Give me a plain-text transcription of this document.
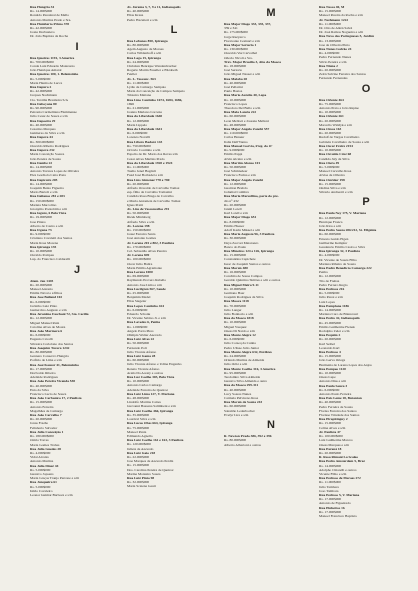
Rua Hungria 34
Rs. 14.000$000
Ronaldo Peresinal de Mello
Antonio Martins Prado e Sra.
Rua Humberto Primo 378
Rs. 42.000$000
Joana Dorbusiero
Dr. João Baptista da Rocha
I
Rua Ipueiras 1191, 3 America
Rs. 700.000$000
Conde Luiz Eduardo Matarazzo
João Henrique Amaral
Rua Ipueiras 100, 1. Belemsinho
Rs. 5.000$000
Maria Hanita de Lucca
Rua Itapura 2
Rs. 42.000$000
Jacques Nachmann
Cia. Textilia Brasileira S/A
Rua Itaboyana 80
Rs. 90.000$000
Petronia Carmelitana Fluminense
Julio Cesar de Souza e s/m
Rua Itapoeira 29
Rs. 40.000$000
Cesarino Marques
Guimerso da Silva e s/m
Rua Itapeva 44
Rs. 300.000$000
Oswaldo Ribeiro Rodrigues
Rua Itapeva 232
Maria Conceição Soeres
João Pereira de Souza
Rua Itambe 22
Rs. 14.000$000
Antonio Tavares Lopes de Oliveira
Elza Gordiola Catta Preta
Rua Itapicuru 205
Rs. 14.000$000
Joaquim Bento Figueira
Mario Bartoli e s/m
Rua Italianos 281 e 283
Rs. 150.000$000
Marieta Marcolino
Jeronymo Pozzobim e s/m
Rua Iegure, 6 Bela Vista
Rs. 19.000$000
Jose Pintos
Alberto de Castro e s/m
Rua Irgana 73
Rs. 9.000$000
Cristiano Cavaletti dos Santos
Maria Rosa Morena
Rua Ipiranga 135
Rs. 10.000$000
Osvaldo Pompeu
Lup. do Francisco Caldarelli
J
Alam. Jau 1445
Rs. 20.000$000
Manoel Antonio
Emilia Naval e s/filhos
Rua Jose Bolland 102
Rs. 6.000$000
Jacintho Luiz Pinto
Gumercino Augusto e s/m
Rua Jeronimo Faschoni 72, Sta. Cecilia
Rs. 12.000$000
Miguel Manuel Ruiz
Carolina Alves de Moura
Rua João Marmora 6
Rs. 6.000$000
Eugenio Cavalli
Silvestre Coriolano dos Santos
Rua Joaquim Tavora 1242
Rs. 80.000$000
Gennaro Conservo Hungria
Porfirio de Lima e s/m
Rua José Kaucer 41, Belemsinho
Rs. 17.000$000
Dorivaldo Ribeiro
Adelaide Rodrigues
Rua João Pereira Vicenda 538
Rs. 40.000$000
Enio da Silva
Francisco Lucio de Souza
Rua João Carbonico 17, 2 Paulista
Rs. 15.000$000
Antonio Ferreira
Magalhães de Camargo
Rua João Carvalho 7
Rs. 20.000$000
Jonas Frazão
Felisberto Salvador
Rua Julio Conceição 1
Rs. 180.000$000
Ozirio Torres
Maria Gomes Trabas
Rua Julio Guedes 28
Rs. 4.000$000
Vidal Alcaizs
Antonio Martins
Rua Julio Dinar 44
Rs. 5.000$000
Gustavo Jopsens
Maria Graças Tranjo Perrone e s/m
Rua Junqueira 61
Rs. 5.000$000
Isildo Cavaleiro
Leonor Guimar Barboza e s/m
Av. Jurema 3, 7, 9 e 11, Indianopolis
Rs. 40.000$000
Elias Kraus
Pedro Hacutteri e s/m
L
Rua Lebanos 850, Ipiranga
Rs. 80.000$000
Agem Augusto de Moraes
Carlos Wildenhoff e s/m
Rua Lago 15, Ipiranga
Rs. 24.000$000
Christian Henrique Wendenbrucher
Rogerio Martin Feueller e Elizabeth
Feuller
Av. L. Vasconc. 563
Rs. 11.000$000
Lydio de Camargo Sampaio
Maria da Conceição de Campos Sampaio
Tristeira Mattana
Rua Lino Coutinho 1674, 1684, 1686,
1696
Rs. 21.000$000
Joanna Mariano Corcena
Rua da Liberdade 1640
Rs. 12.000$000
Maria Lippelo
Rua da Liberdade 1641
Rs. 6.000$000
Lorenzo Novelli
Rua Libero Badaró 143
Rs. 750.000$000
Octavio Coutinho e s/m
Espolio de Dr. Mario dos Reves s/m
Cesar Alves Martins Prado
Rua da Liberdade 1920 e 1924
Rs. 11.000$000
Tuelio Jenel Bagdali
Fuad José Borbadel e s/m
Rua Lins Gimenez 778 e 780
Rs. 20.000$000
Alfredo Oswaldo de Carvalho Tomaz
esp. filho de Carvalho Tomazini
Candida Rosa Braga de Carvalho
e Maria Antonieta de Carvalho Tomaz
Ignes Pratti
Av. Lins de Vasconcellos 291
Rs. 50.000$000
Rizek Minlaberg
Alfredo Silva e s/m
Av. Lorena 198
Rs. 150.000$000
Josué Ferreira Santa
José Antonio Gomes
Al. Lorena 201 e 802, 3 Paulista
Rs. 170.000$000
Cel. Sebastião Alves Pereira
Al. Lorena 849
Rs. 100.000$000
Oscar Julio Baltra
Maria Emilia Agramonte
Rua Lorena 1000
Rs. 69.000$000
Raymundo Provero Rabello
Antonio Jose Lima e s/m
Rua Lucilgren 567, Saude
Rs. 25.000$000
Benjamin Medel
Elias Siegeler
Rua Lopes Coutinho 424
Rs. 6.000$000
Eduardo Schonk
Dr. Vicente Sabino Jr. e s/m
Rua Lavedes 6, Penha
Rs. 1.000$000
Angelo Parra Pires
Olimpia Walter Azevedo
Rua Luiz Alves 22
Rs. 50.000$000
Fernando Poli
Julio Vicente Afonso
Rua Luiz Gama 28
Rs. 60.000$000
Julio Vicente Afonso e Udine Engenho
Renato Vicente Afonso
Aratis Da Acesty e outros
Rua Luz Coelho 303, Bela Vista
Rs. 10.000$000
Antonio Carlos Camargo
Adelaide Ferreira de Queiroz
Rua Luiz Lima 127, V. Mariana
Rs. 48.000$000
Lindolfo Martins Caires
Giovanni Bassana Salimbeni e s/m
Rua Luiz Coelho 466, Ipiranga
Rs. 35.000$000
Lourival Silva e s/m
Rua Lucas Obes 664, Ipiranga
Rs. 75.000$000
Manoel Panta
Edmundo Agnello
Rua Luiz Coelho 161 e 163, 3 Paulista
Rs. 120.000$000
Julieta de Azevedo
Rua Luiz Gaio 218
Rs. 22.000$000
Jose Marques de Azevedo Perdiz
Rs. 15.000$000
Dos. Carolina Pereira de Queiroz
Marina Monteiro Souza
Rua Luiz Pinto 98
Rs. 32.000$000
Maria Scatena Gauti
M
Rua Major Diogo 333, 335, 337,
339 e 341
Rs. 175.000$000
Jorge Rezyerco
Fioravante Cesinarl e s/m
Rua Major Sertorio 1
Rs. 130.000$000
Oswaldo Vaz Carvalhal
Odecio Nicoli e Sra.
Trav. Major Brasilio 3, Alto da Mooca
Rs. 18.000$000
José Sertorio
João Miguel Nasser e s/m
Rua Malaba 28
Rs. 40.000$000
José Pellarini
Paulo Bastos
Rua Mario Aurelio 40, Lapa
Rs. 10.000$000
Francisco Lopes
Theodoro Del Bello e s/m
Rua Mala Lancia 222
Rs. 60.000$000
Leon Mellozi e Jossana Melloni
Rs. 48.000$000
Rua Major Angelo Zanchi 557
Rs. 110.000$000
Carlos Heneur
Italia Dell'Vanno
Rua Manoel Gorvia, Freg. do O'
Rs. 9.000$000
Emilio Pappi
Alvin Alcaire e s/m
Rua Martim Afonso 101
Rs. 50.000$000
José Schmiedeer
Francisco Farina e s/m
Rua Major Angelo Zanchi
Rs. 12.000$000
Guaitton Brubdo
Jodamai Coimbra
Rua Maria Marcellino, parte do pre-
dio n° 432
Rs. 20.000$000
Jannil Lotell
Karl Lotell e s/m
Rua Major Diogo 651
Rs. 8.000$000
Emilio Haaser
Adolf Karin Mikael e s/m
Rua Maria Augusta 96, 3 Paulista
Rs. 30.000$000
Daya Zaccari Matarazzo
Banco do Paulo
Rua Mineiros 124 e 126, Ipiranga
Rs. 15.000$000
Constantina Capichete
Isaac de Joaquim Santos e outros
Rua Morais 480
Rs. 16.000$000
Conchita de Sousa Campos
Geraldo Quintino Simões e s/m e outros
Rua Miguel Meira 9-11
Rs. 10.000$000
Germano Baer
Joaquim Rodrigues da Silva
Rua Mooca 1118
Rs. 70.000$000
Julio Langer
Julio Bonhorio e s/m
Rua da Mooca 1818
Rs. 10.000$000
Miguel Vasquez
Ozeas Di Nardo e s/m
Rua Monte Alegre 12
Rs. 6.000$000
Julio Corseq da Cunha
Pedro Ulisse Julio Junior
Rua Monte Alegre 632, Perdizes
Rs. 24.000$000
Orlando Martins de Almeida
Julio Ortiz e s/m
Rua Monte Coelho 316, 3 America
Rs. 95.000$000
Teodomiro Silva Almeida
Gustavo Silva Almeida e outro
Rua da Mooca 299-311
Rs. 40.000$000
Lucy Soares Nunes
Carmela Pulvireno Rosa
Rua Morais de Souza 243
Rs. 60.000$000
Salomão Lederbocher
Evelyr Lira e s/m
N
R. Newton Prado 386, 392 e 396
Rs. 80.000$000
Alberto Albertoni e outros
Rua Nossa 40, M
Rs. 15.000$000
Manoel Pereira da Rocha e s/m
Al. Nothmann 1222
Rs. 11.000$000
Dr. Otto de Alkrn Sabol
Dr. José Ramos Nogueira e s/m
Rua Novo dos Portugueses 5, Jardim
Rs. 13.000$000
Jose de Oliveira Pinto
Rua Nunes Galvão 24
Rs. 4.000$000
Pedro Fernando Nunes
Silvio Pereira e s/m
Rua Niuna 2
Rs. 20.000$000
Zeirn Salvine Ferreira dos Santos
Fernando Fernandes
O
Rua Oriente 464
Rs. 75.000$000
Antonio Prato e João Repise
Rs. 10.000$000
Rua Oriente 261
Rs. 20.000$000
Marcello Widdyk e s/m
Rua Orosa 163
Rs. 20.000$000
Rudolf de Vargas Cavalheiro
Gabriela Cavalheiro de Souza e s/m
Rua Oscar Freire 2154
Rs. 10.000$000
Rua Osvaldo Cruz 68
Candida Jaly da Silva
Rua Otero 49
Rs. 5.000$000
Manoel Carvalho Rosa
Alvise de Oliveira
Rua Ouvidor 198
Rs. 15.000$000
Ondina Silva e s/m
Silverio Andreotti e s/m
P
Rua Paula Ney 175, V. Mariana
Rs. 12.000$000
Henrique Franca
João Rios e s/m
Rua Pedro Souza 206/212, St. Efigênia
Rs. 60.000$000
Ernesto Guido Elgen
Guilherme Kempfer
Gaudencio Emilio Castro e Silva
Rua Ipiranga 32, 3 Paulista
Rs. 4.000$000
Dr. Vicente de Souza Filho
Mariana Ribeiro de Souza
Rua Padre Benedicto Camargo 222
Penha
Rs. 12.000$000
Tito de Freitas
Pedro Ferrero Regio
Rua Pedrosa 216
Rs. 5.000$000
Julio Perez e s/m
Luiz Lopes
Rua Pamplona 1186
Rs. 14.000$000
Mariana Caro de Bitencourt
Rua Pedro 42, Indianopolis
Rs. 45.000$000
Emilio Guilherme Fienak
Rodolpho Zeler e s/m
Rua Pequim 2
Rs. 20.000$000
Karl Seibel
Leonardo Karl
Rua Pedroso 4
Rs. 15.000$000
João Gerva Ortega
Hermenia de Larena Lopes dos Anjos
Rua Pompeo 1120
Rs. 10.000$000
Ozeas Lupe
Antonio Dias e s/m
Rua Paula Souza 3
Rs. 6.000$000
Antonio Paulo Ferreira
Rua Pais Leme 18, Butantan
Rs. 40.000$000
Pedro Ferreira de Souza
Florisa Ferreira dos Santos
Florisse Trindade dos Santos
Rua Pirapitinguy 2
Rs. 15.000$000
Celina Alves e s/m
Al. Paulista 47
Rs. 100.000$000
Luiz Guilherme Marcos
Ozeas Marques e s/m
Rua Paraná 18
Rs. 20.000$000
R. Rosa Rimani La Scaleo
Rua Pedro Amsterdam 5, Braz
Rs. 14.000$000
Adolpho Chiarelli e outros
Vicente Filho e s/m
Rua Pedroso de Moraes 272
Rs. 11.000$000
Julio Tambara
Joao Tambara
Rua Pedroso 5, V. Mariana
Rs. 17.000$000
Antonio de Figueiredo
Rua Pinheiros 16
Rs. 17.000$000
Manoel Francisco Baptista
